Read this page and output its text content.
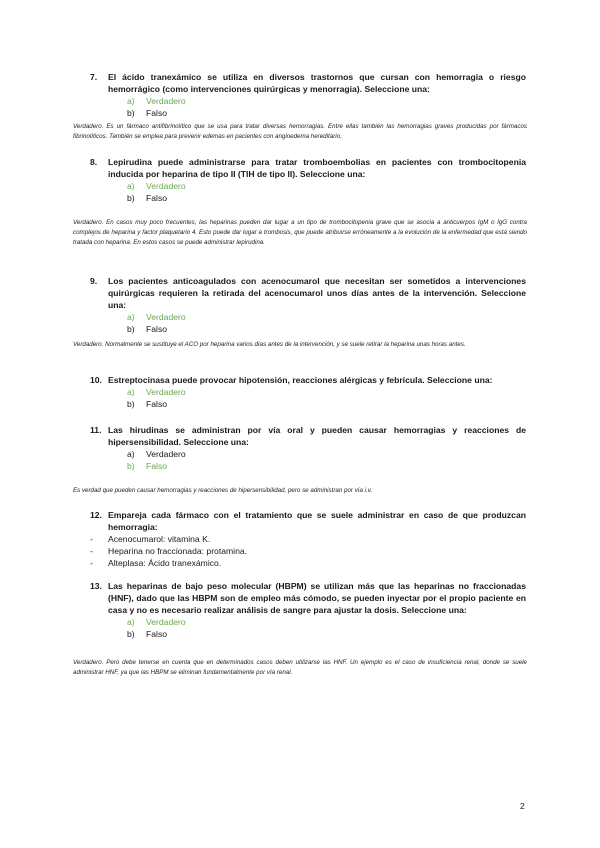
7. El ácido tranexámico se utiliza en diversos trastornos que cursan con hemorragia o riesgo hemorrágico (como intervenciones quirúrgicas y menorragia). Seleccione una:
a) Verdadero
b) Falso
Verdadero. Es un fármaco antifibrinolítico que se usa para tratar diversas hemorragias. Entre ellas también las hemorragias graves producidas por fármacos fibrinolíticos. También se emplea para prevenir edemas en pacientes con angioedema hereditario.
8. Lepirudina puede administrarse para tratar tromboembolias en pacientes con trombocitopenia inducida por heparina de tipo II (TIH de tipo II). Seleccione una:
a) Verdadero
b) Falso
Verdadero. En casos muy poco frecuentes, las heparinas pueden dar lugar a un tipo de trombocitopenia grave que se asocia a anticuerpos IgM o IgG contra complejos de heparina y factor plaquetario 4. Esto puede dar lugar a trombosis, que puede atribuirse erróneamente a la evolución de la enfermedad que está siendo tratada con heparina. En estos casos se puede administrar lepirudina.
9. Los pacientes anticoagulados con acenocumarol que necesitan ser sometidos a intervenciones quirúrgicas requieren la retirada del acenocumarol unos días antes de la intervención. Seleccione una:
a) Verdadero
b) Falso
Verdadero. Normalmente se sustituye el ACO por heparina varios días antes de la intervención, y se suele retirar la heparina unas horas antes.
10. Estreptocinasa puede provocar hipotensión, reacciones alérgicas y febrícula. Seleccione una:
a) Verdadero
b) Falso
11. Las hirudinas se administran por vía oral y pueden causar hemorragias y reacciones de hipersensibilidad. Seleccione una:
a) Verdadero
b) Falso
Es verdad que pueden causar hemorragias y reacciones de hipersensibilidad, pero se administran por vía i.v.
12. Empareja cada fármaco con el tratamiento que se suele administrar en caso de que produzcan hemorragia:
- Acenocumarol: vitamina K.
- Heparina no fraccionada: protamina.
- Alteplasa: Ácido tranexámico.
13. Las heparinas de bajo peso molecular (HBPM) se utilizan más que las heparinas no fraccionadas (HNF), dado que las HBPM son de empleo más cómodo, se pueden inyectar por el propio paciente en casa y no es necesario realizar análisis de sangre para ajustar la dosis. Seleccione una:
a) Verdadero
b) Falso
Verdadero. Pero debe tenerse en cuenta que en determinados casos deben utilizarse las HNF. Un ejemplo es el caso de insuficiencia renal, donde se suele administrar HNF, ya que las HBPM se eliminan fundamentalmente por vía renal.
2
